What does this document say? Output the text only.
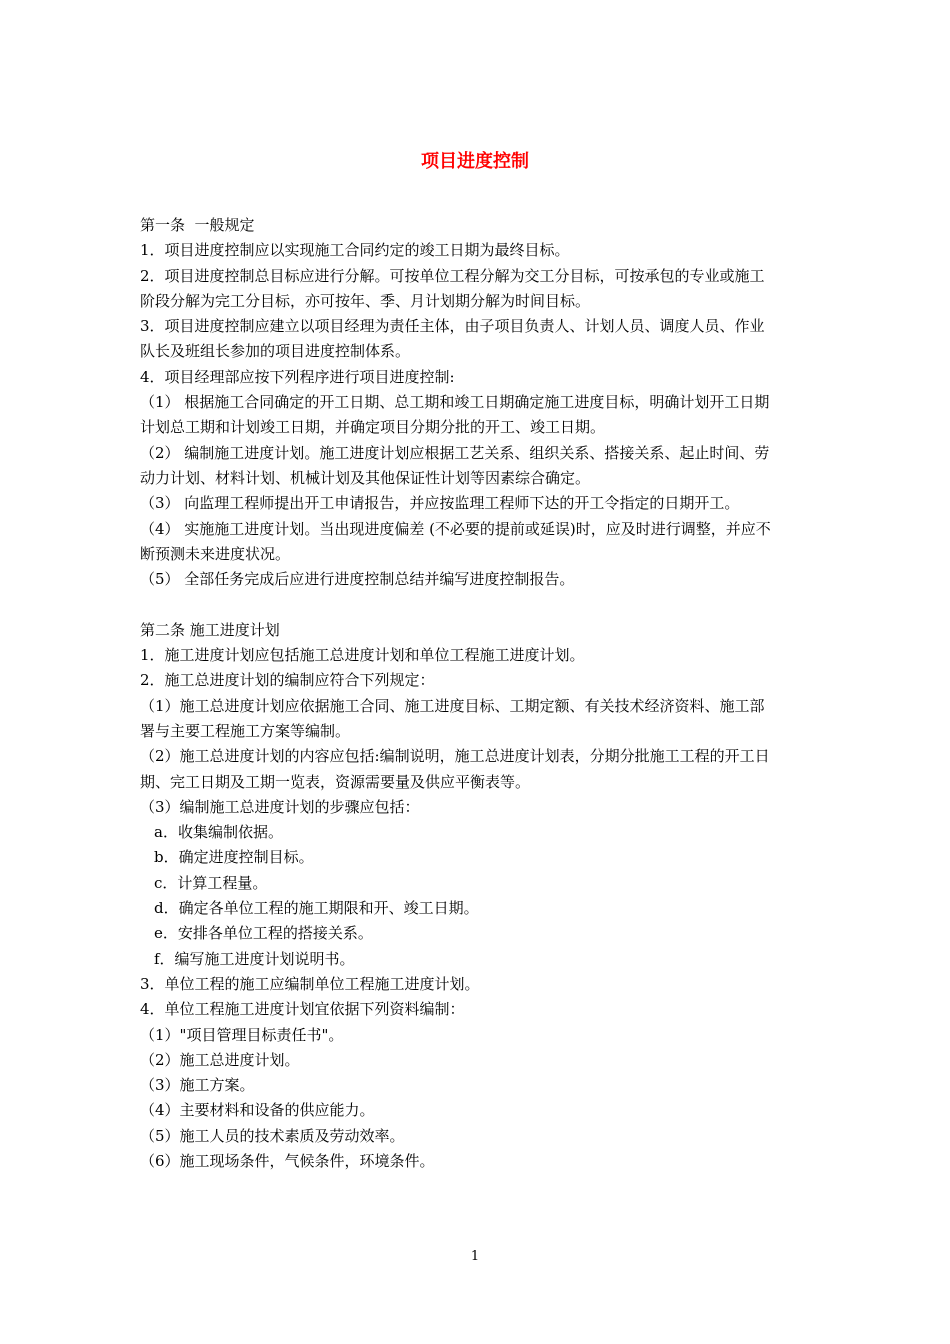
项目进度控制
第一条  一般规定
1．项目进度控制应以实现施工合同约定的竣工日期为最终目标。
2．项目进度控制总目标应进行分解。可按单位工程分解为交工分目标，可按承包的专业或施工
阶段分解为完工分目标，亦可按年、季、月计划期分解为时间目标。
3．项目进度控制应建立以项目经理为责任主体，由子项目负责人、计划人员、调度人员、作业
队长及班组长参加的项目进度控制体系。
4．项目经理部应按下列程序进行项目进度控制:
（1） 根据施工合同确定的开工日期、总工期和竣工日期确定施工进度目标，明确计划开工日期
计划总工期和计划竣工日期，并确定项目分期分批的开工、竣工日期。
（2） 编制施工进度计划。施工进度计划应根据工艺关系、组织关系、搭接关系、起止时间、劳
动力计划、材料计划、机械计划及其他保证性计划等因素综合确定。
（3） 向监理工程师提出开工申请报告，并应按监理工程师下达的开工令指定的日期开工。
（4） 实施施工进度计划。当出现进度偏差 (不必要的提前或延误)时，应及时进行调整，并应不
断预测未来进度状况。
（5） 全部任务完成后应进行进度控制总结并编写进度控制报告。
第二条 施工进度计划
1．施工进度计划应包括施工总进度计划和单位工程施工进度计划。
2．施工总进度计划的编制应符合下列规定：
（1）施工总进度计划应依据施工合同、施工进度目标、工期定额、有关技术经济资料、施工部
署与主要工程施工方案等编制。
（2）施工总进度计划的内容应包括:编制说明，施工总进度计划表，分期分批施工工程的开工日
期、完工日期及工期一览表，资源需要量及供应平衡表等。
（3）编制施工总进度计划的步骤应包括：
a．收集编制依据。
b．确定进度控制目标。
c．计算工程量。
d．确定各单位工程的施工期限和开、竣工日期。
e．安排各单位工程的搭接关系。
f．编写施工进度计划说明书。
3．单位工程的施工应编制单位工程施工进度计划。
4．单位工程施工进度计划宜依据下列资料编制：
（1）"项目管理目标责任书"。
（2）施工总进度计划。
（3）施工方案。
（4）主要材料和设备的供应能力。
（5）施工人员的技术素质及劳动效率。
（6）施工现场条件，气候条件，环境条件。
1
